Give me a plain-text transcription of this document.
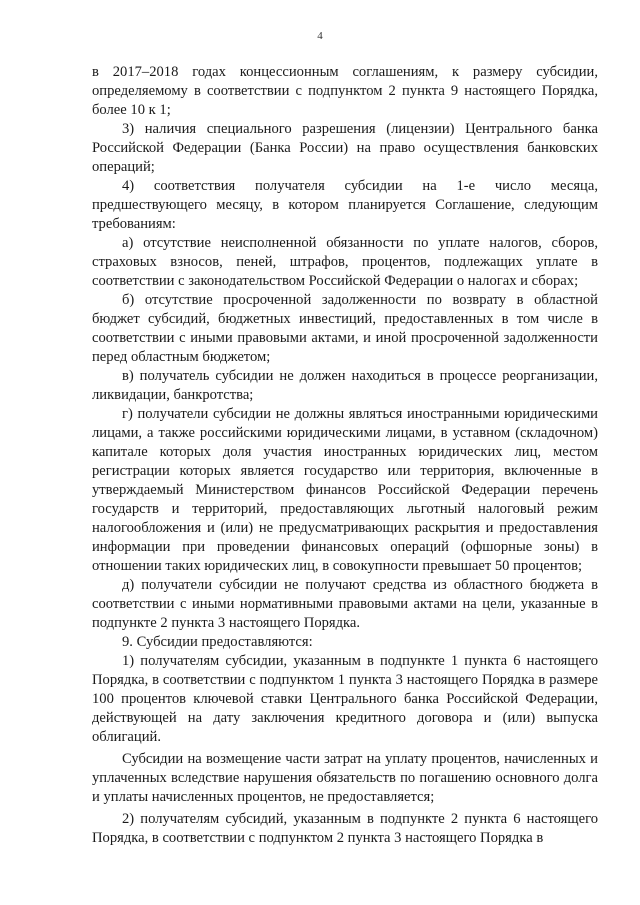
4

в 2017–2018 годах концессионным соглашениям, к размеру субсидии, определяемому в соответствии с подпунктом 2 пункта 9 настоящего Порядка, более 10 к 1;

3) наличия специального разрешения (лицензии) Центрального банка Российской Федерации (Банка России) на право осуществления банковских операций;

4) соответствия получателя субсидии на 1-е число месяца, предшествующего месяцу, в котором планируется Соглашение, следующим требованиям:

а) отсутствие неисполненной обязанности по уплате налогов, сборов, страховых взносов, пеней, штрафов, процентов, подлежащих уплате в соответствии с законодательством Российской Федерации о налогах и сборах;

б) отсутствие просроченной задолженности по возврату в областной бюджет субсидий, бюджетных инвестиций, предоставленных в том числе в соответствии с иными правовыми актами, и иной просроченной задолженности перед областным бюджетом;

в) получатель субсидии не должен находиться в процессе реорганизации, ликвидации, банкротства;

г) получатели субсидии не должны являться иностранными юридическими лицами, а также российскими юридическими лицами, в уставном (складочном) капитале которых доля участия иностранных юридических лиц, местом регистрации которых является государство или территория, включенные в утверждаемый Министерством финансов Российской Федерации перечень государств и территорий, предоставляющих льготный налоговый режим налогообложения и (или) не предусматривающих раскрытия и предоставления информации при проведении финансовых операций (офшорные зоны) в отношении таких юридических лиц, в совокупности превышает 50 процентов;

д) получатели субсидии не получают средства из областного бюджета в соответствии с иными нормативными правовыми актами на цели, указанные в подпункте 2 пункта 3 настоящего Порядка.

9. Субсидии предоставляются:

1) получателям субсидии, указанным в подпункте 1 пункта 6 настоящего Порядка, в соответствии с подпунктом 1 пункта 3 настоящего Порядка в размере 100 процентов ключевой ставки Центрального банка Российской Федерации, действующей на дату заключения кредитного договора и (или) выпуска облигаций.

Субсидии на возмещение части затрат на уплату процентов, начисленных и уплаченных вследствие нарушения обязательств по погашению основного долга и уплаты начисленных процентов, не предоставляется;

2) получателям субсидий, указанным в подпункте 2 пункта 6 настоящего Порядка, в соответствии с подпунктом 2 пункта 3 настоящего Порядка в
